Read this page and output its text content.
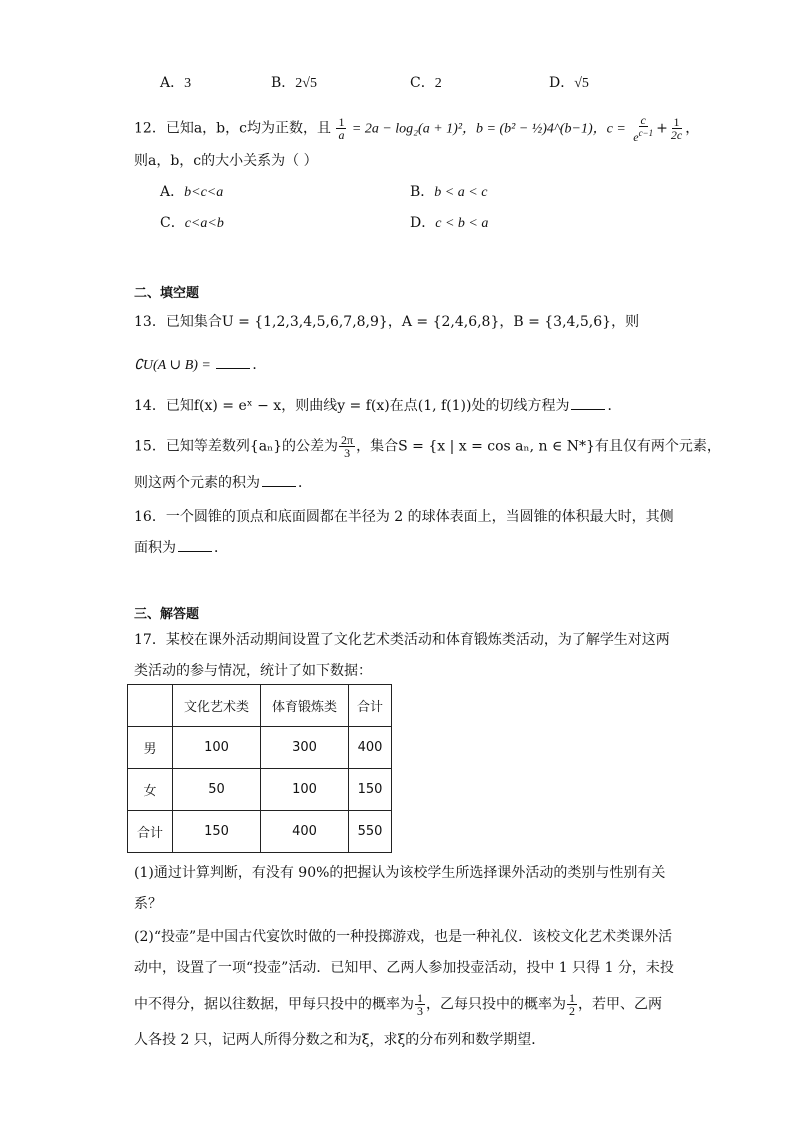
A．3	B．2√5	C．2	D．√5
12．已知a，b，c均为正数，且 $\frac{1}{a} = 2a - \log_2(a + 1)^2$，b = (b² − ½)4^(b−1)，$c = \frac{c}{e^{c-1}} + \frac{1}{2c}$ ，
则a，b，c的大小关系为（ ）
A．b<c<a	B．b < a < c
C．c<a<b	D．c < b < a
二、填空题
13．已知集合U = {1,2,3,4,5,6,7,8,9}，A = {2,4,6,8}，B = {3,4,5,6}，则
∁U(A ∪ B) =	．
14．已知f(x) = eˣ − x，则曲线y = f(x)在点(1, f(1))处的切线方程为	．
15．已知等差数列{aₙ}的公差为 $\frac{2\pi}{3}$ ，集合S = {x | x = cos aₙ, n ∈ N*}有且仅有两个元素，
则这两个元素的积为	．
16．一个圆锥的顶点和底面圆都在半径为 2 的球体表面上，当圆锥的体积最大时，其侧
面积为	．
三、解答题
17．某校在课外活动期间设置了文化艺术类活动和体育锻炼类活动，为了解学生对这两
类活动的参与情况，统计了如下数据：
	文化艺术类	体育锻炼类	合计
男	100	300	400
女	50	100	150
合计	150	400	550
(1)通过计算判断，有没有 90%的把握认为该校学生所选择课外活动的类别与性别有关
系？
(2)“投壶”是中国古代宴饮时做的一种投掷游戏，也是一种礼仪．该校文化艺术类课外活
动中，设置了一项“投壶”活动．已知甲、乙两人参加投壶活动，投中 1 只得 1 分，未投
中不得分，据以往数据，甲每只投中的概率为 $\frac{1}{3}$ ，乙每只投中的概率为 $\frac{1}{2}$ ，若甲、乙两
人各投 2 只，记两人所得分数之和为ξ，求ξ的分布列和数学期望．
